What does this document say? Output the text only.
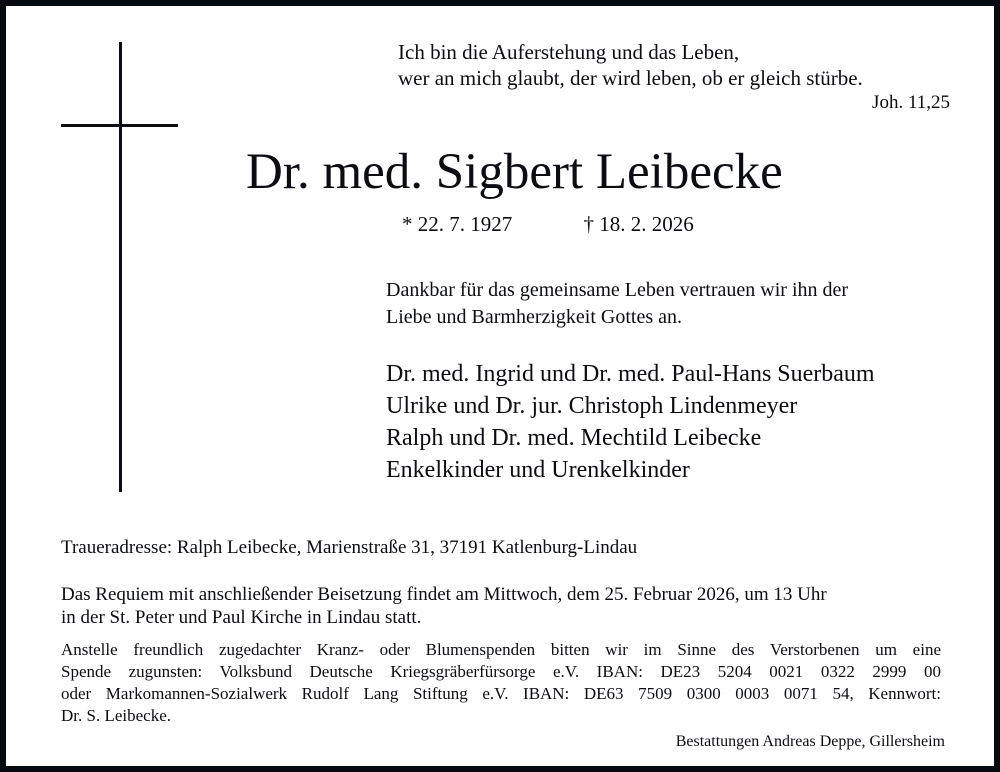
Ich bin die Auferstehung und das Leben,
wer an mich glaubt, der wird leben, ob er gleich stürbe.
Joh. 11,25
Dr. med. Sigbert Leibecke
* 22. 7. 1927	† 18. 2. 2026
Dankbar für das gemeinsame Leben vertrauen wir ihn der
Liebe und Barmherzigkeit Gottes an.
Dr. med. Ingrid und Dr. med. Paul-Hans Suerbaum
Ulrike und Dr. jur. Christoph Lindenmeyer
Ralph und Dr. med. Mechtild Leibecke
Enkelkinder und Urenkelkinder
Traueradresse: Ralph Leibecke, Marienstraße 31, 37191 Katlenburg-Lindau
Das Requiem mit anschließender Beisetzung findet am Mittwoch, dem 25. Februar 2026, um 13 Uhr
in der St. Peter und Paul Kirche in Lindau statt.
Anstelle freundlich zugedachter Kranz- oder Blumenspenden bitten wir im Sinne des Verstorbenen um eine
Spende zugunsten: Volksbund Deutsche Kriegsgräberfürsorge e.V. IBAN: DE23 5204 0021 0322 2999 00
oder Markomannen-Sozialwerk Rudolf Lang Stiftung e.V. IBAN: DE63 7509 0300 0003 0071 54, Kennwort:
Dr. S. Leibecke.
Bestattungen Andreas Deppe, Gillersheim
